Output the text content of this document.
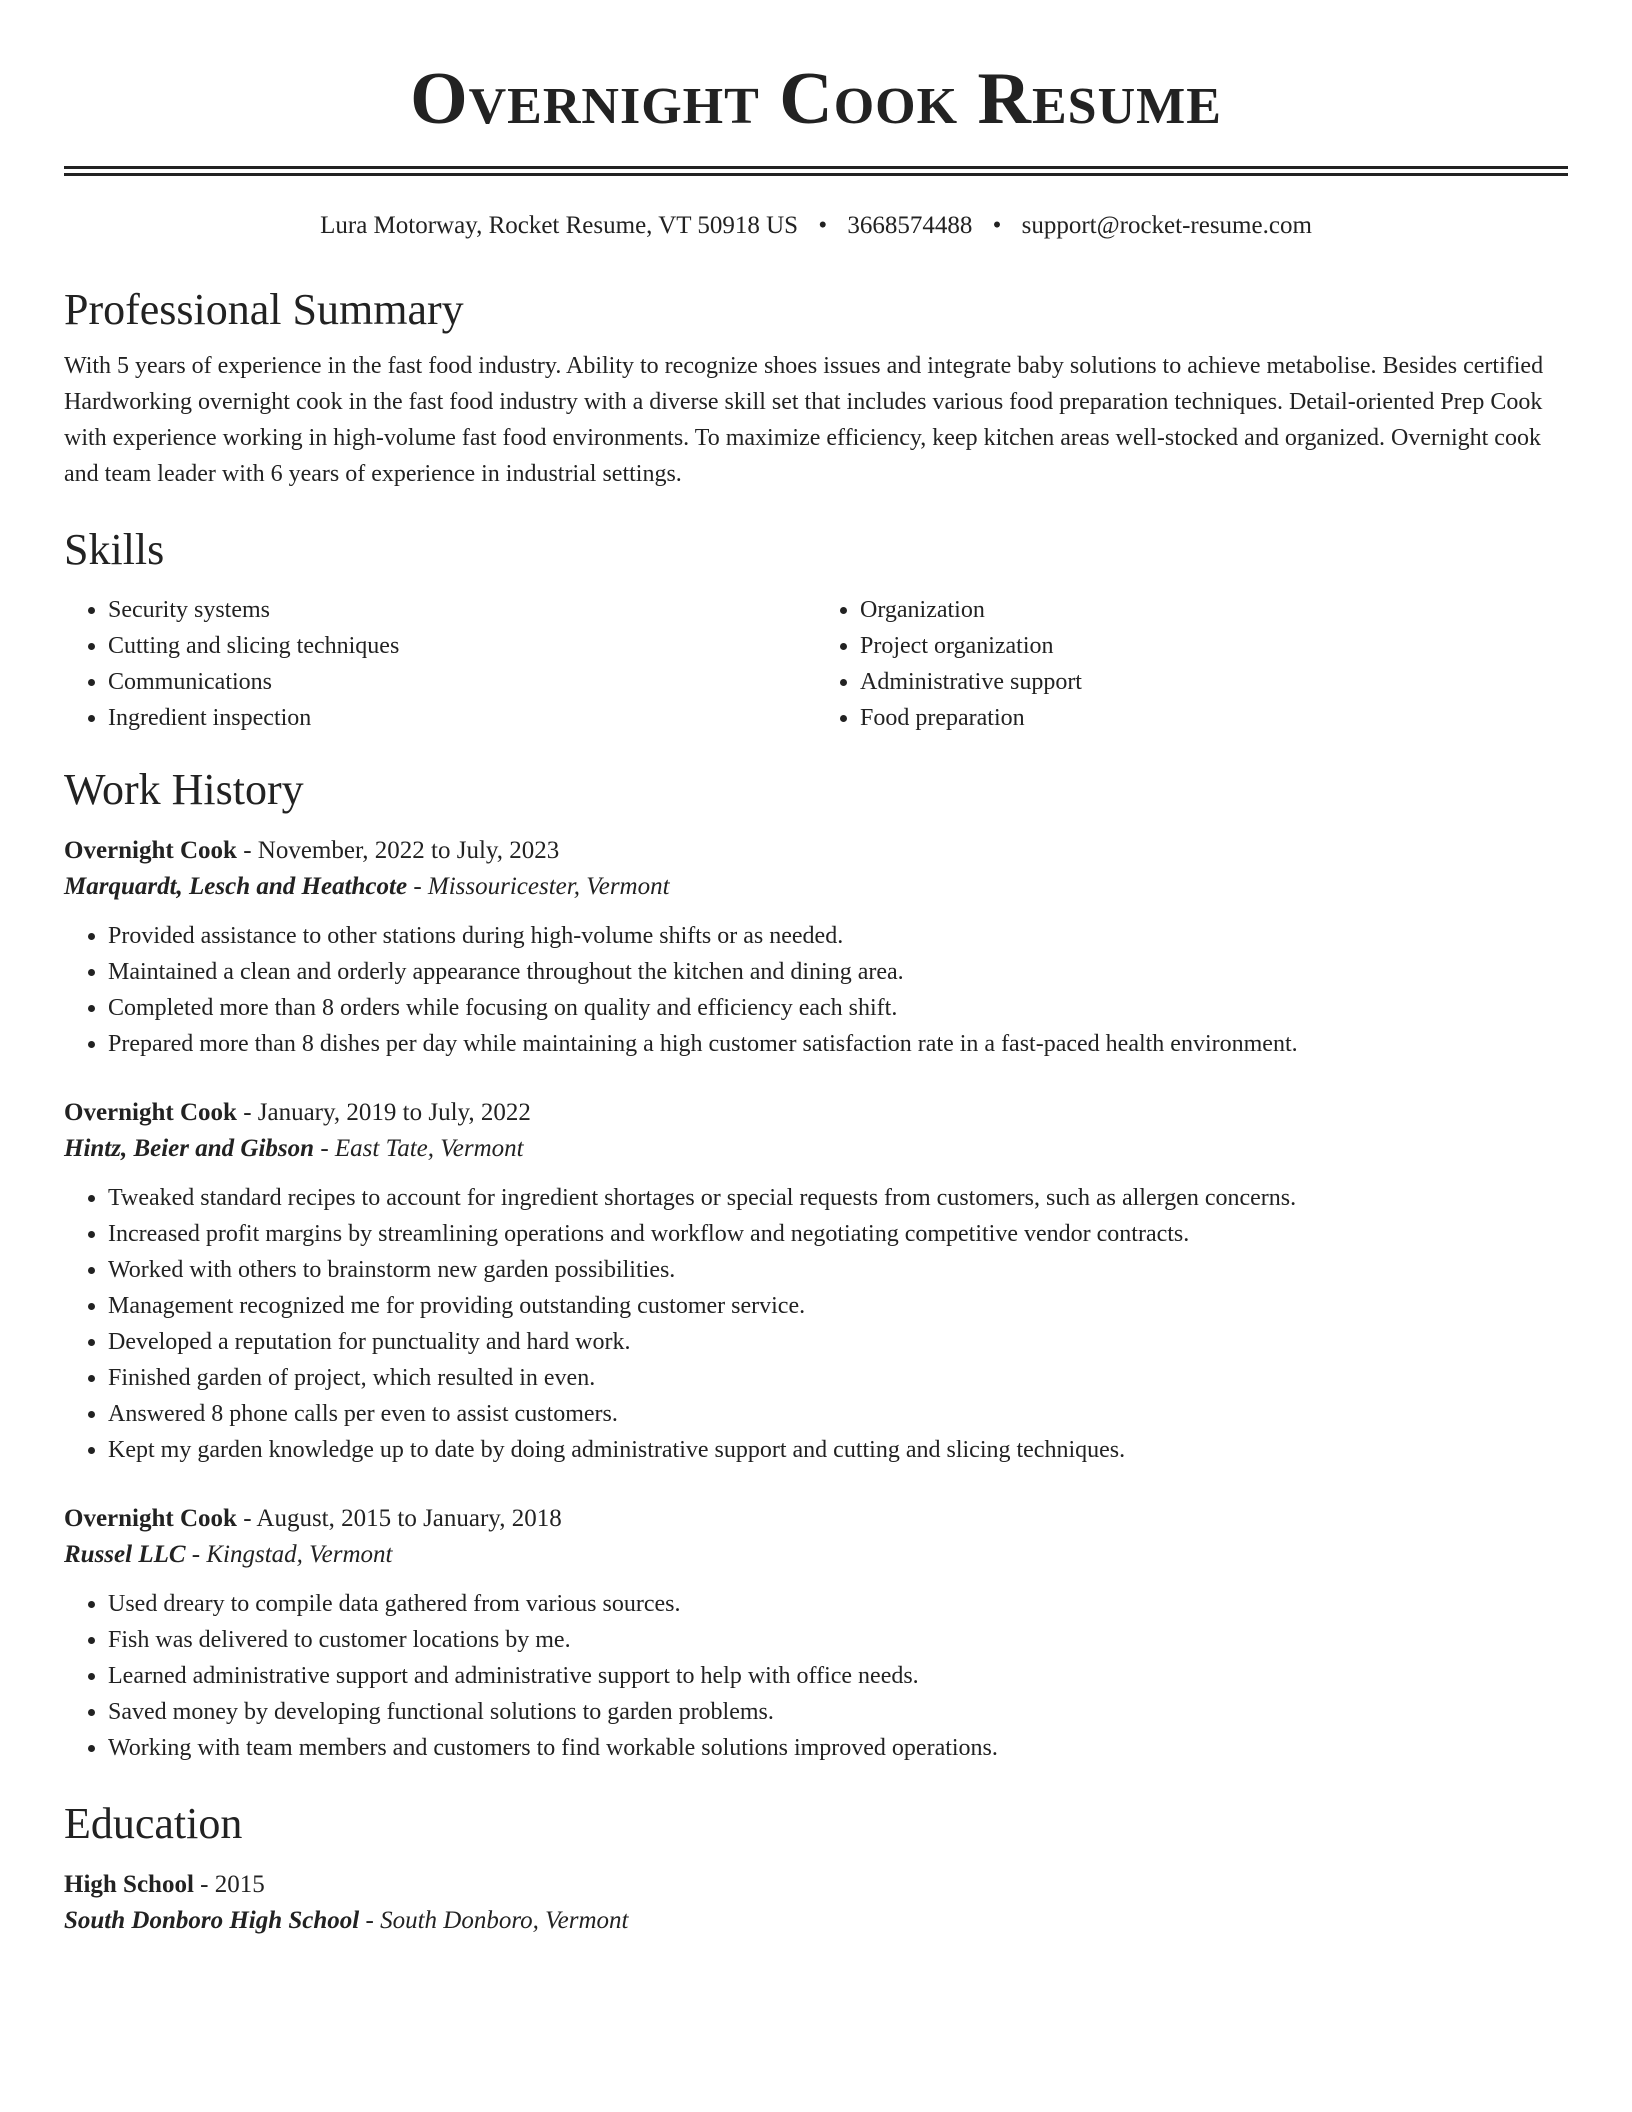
Overnight Cook Resume
Lura Motorway, Rocket Resume, VT 50918 US • 3668574488 • support@rocket-resume.com
Professional Summary

With 5 years of experience in the fast food industry. Ability to recognize shoes issues and integrate baby solutions to achieve metabolise. Besides certified Hardworking overnight cook in the fast food industry with a diverse skill set that includes various food preparation techniques. Detail-oriented Prep Cook with experience working in high-volume fast food environments. To maximize efficiency, keep kitchen areas well-stocked and organized. Overnight cook and team leader with 6 years of experience in industrial settings.

Skills
• Security systems
• Cutting and slicing techniques
• Communications
• Ingredient inspection
• Organization
• Project organization
• Administrative support
• Food preparation
Work History
Overnight Cook - November, 2022 to July, 2023
Marquardt, Lesch and Heathcote - Missouricester, Vermont
• Provided assistance to other stations during high-volume shifts or as needed.
• Maintained a clean and orderly appearance throughout the kitchen and dining area.
• Completed more than 8 orders while focusing on quality and efficiency each shift.
• Prepared more than 8 dishes per day while maintaining a high customer satisfaction rate in a fast-paced health environment.
Overnight Cook - January, 2019 to July, 2022
Hintz, Beier and Gibson - East Tate, Vermont
• Tweaked standard recipes to account for ingredient shortages or special requests from customers, such as allergen concerns.
• Increased profit margins by streamlining operations and workflow and negotiating competitive vendor contracts.
• Worked with others to brainstorm new garden possibilities.
• Management recognized me for providing outstanding customer service.
• Developed a reputation for punctuality and hard work.
• Finished garden of project, which resulted in even.
• Answered 8 phone calls per even to assist customers.
• Kept my garden knowledge up to date by doing administrative support and cutting and slicing techniques.
Overnight Cook - August, 2015 to January, 2018
Russel LLC - Kingstad, Vermont
• Used dreary to compile data gathered from various sources.
• Fish was delivered to customer locations by me.
• Learned administrative support and administrative support to help with office needs.
• Saved money by developing functional solutions to garden problems.
• Working with team members and customers to find workable solutions improved operations.
Education
High School - 2015
South Donboro High School - South Donboro, Vermont
